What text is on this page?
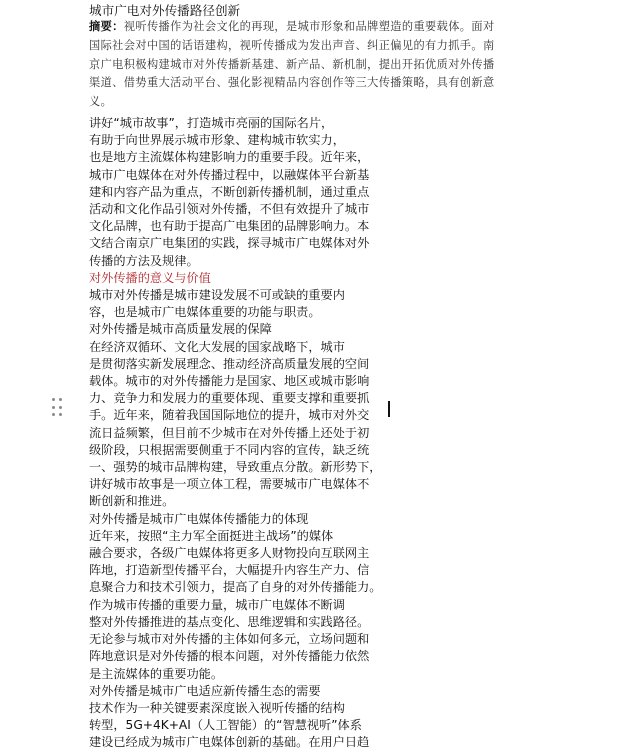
城市广电对外传播路径创新
摘要：视听传播作为社会文化的再现，是城市形象和品牌塑造的重要载体。面对
国际社会对中国的话语建构，视听传播成为发出声音、纠正偏见的有力抓手。南
京广电积极构建城市对外传播新基建、新产品、新机制，提出开拓优质对外传播
渠道、借势重大活动平台、强化影视精品内容创作等三大传播策略，具有创新意
义。
讲好“城市故事”，打造城市亮丽的国际名片，
有助于向世界展示城市形象、建构城市软实力，
也是地方主流媒体构建影响力的重要手段。近年来，
城市广电媒体在对外传播过程中，以融媒体平台新基
建和内容产品为重点，不断创新传播机制，通过重点
活动和文化作品引领对外传播，不但有效提升了城市
文化品牌，也有助于提高广电集团的品牌影响力。本
文结合南京广电集团的实践，探寻城市广电媒体对外
传播的方法及规律。
对外传播的意义与价值
城市对外传播是城市建设发展不可或缺的重要内
容，也是城市广电媒体重要的功能与职责。
对外传播是城市高质量发展的保障
在经济双循环、文化大发展的国家战略下，城市
是贯彻落实新发展理念、推动经济高质量发展的空间
载体。城市的对外传播能力是国家、地区或城市影响
力、竞争力和发展力的重要体现、重要支撑和重要抓
手。近年来，随着我国国际地位的提升，城市对外交
流日益频繁，但目前不少城市在对外传播上还处于初
级阶段，只根据需要侧重于不同内容的宣传，缺乏统
一、强势的城市品牌构建，导致重点分散。新形势下，
讲好城市故事是一项立体工程，需要城市广电媒体不
断创新和推进。
对外传播是城市广电媒体传播能力的体现
近年来，按照“主力军全面挺进主战场”的媒体
融合要求，各级广电媒体将更多人财物投向互联网主
阵地，打造新型传播平台，大幅提升内容生产力、信
息聚合力和技术引领力，提高了自身的对外传播能力。
作为城市传播的重要力量，城市广电媒体不断调
整对外传播推进的基点变化、思维逻辑和实践路径。
无论参与城市对外传播的主体如何多元，立场问题和
阵地意识是对外传播的根本问题，对外传播能力依然
是主流媒体的重要功能。
对外传播是城市广电适应新传播生态的需要
技术作为一种关键要素深度嵌入视听传播的结构
转型，5G+4K+AI（人工智能）的“智慧视听”体系
建设已经成为城市广电媒体创新的基础。在用户日趋
